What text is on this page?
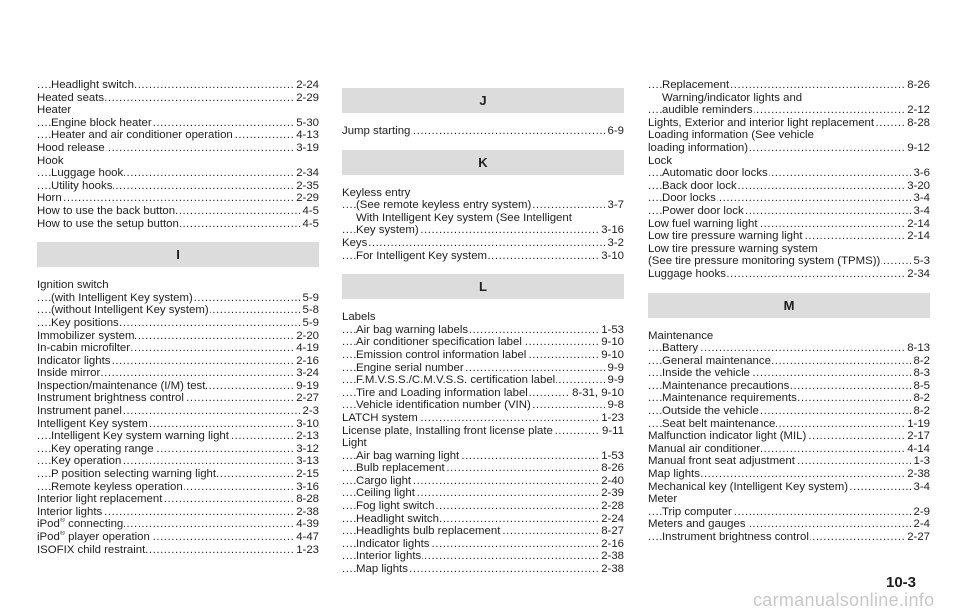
Headlight switch	2-24
. . .
Heated seats	2-29
. . .
Heater
Engine block heater	5-30
. . .
Heater and air conditioner operation	4-13
. . .
Hood release	3-19
. . .
Hook
Luggage hook	2-34
. . .
Utility hooks	2-35
. . .
Horn	2-29
. . .
How to use the back button	4-5
. . .
How to use the setup button	4-5
. . .
I
Ignition switch
(with Intelligent Key system)	5-9
. . .
(without Intelligent Key system)	5-8
. . .
Key positions	5-9
. . .
Immobilizer system	2-20
. . .
In-cabin microfilter	4-19
. . .
Indicator lights	2-16
. . .
Inside mirror	3-24
. . .
Inspection/maintenance (I/M) test	9-19
. . .
Instrument brightness control	2-27
. . .
Instrument panel	2-3
. . .
Intelligent Key system	3-10
. . .
Intelligent Key system warning light	2-13
. . .
Key operating range	3-12
. . .
Key operation	3-13
. . .
P position selecting warning light	2-15
. . .
Remote keyless operation	3-16
. . .
Interior light replacement	8-28
. . .
Interior lights	2-38
. . .
iPod® connecting	4-39
. . .
iPod® player operation	4-47
. . .
ISOFIX child restraint	1-23
. . .
J
Jump starting	6-9
. . .
K
Keyless entry
(See remote keyless entry system)	3-7
. . .
With Intelligent Key system (See Intelligent
Key system)	3-16
. . .
Keys	3-2
. . .
For Intelligent Key system	3-10
. . .
L
Labels
Air bag warning labels	1-53
. . .
Air conditioner specification label	9-10
. . .
Emission control information label	9-10
. . .
Engine serial number	9-9
. . .
F.M.V.S.S./C.M.V.S.S. certification label	9-9
. . .
Tire and Loading information label	8-31, 9-10
. . .
Vehicle identification number (VIN)	9-8
. . .
LATCH system	1-23
. . .
License plate, Installing front license plate	9-11
. . .
Light
Air bag warning light	1-53
. . .
Bulb replacement	8-26
. . .
Cargo light	2-40
. . .
Ceiling light	2-39
. . .
Fog light switch	2-28
. . .
Headlight switch	2-24
. . .
Headlights bulb replacement	8-27
. . .
Indicator lights	2-16
. . .
Interior lights	2-38
. . .
Map lights	2-38
. . .
Replacement	8-26
. . .
Warning/indicator lights and
audible reminders	2-12
. . .
Lights, Exterior and interior light replacement	8-28
. . .
Loading information (See vehicle
loading information)	9-12
. . .
Lock
Automatic door locks	3-6
. . .
Back door lock	3-20
. . .
Door locks	3-4
. . .
Power door lock	3-4
. . .
Low fuel warning light	2-14
. . .
Low tire pressure warning light	2-14
. . .
Low tire pressure warning system
(See tire pressure monitoring system (TPMS))	5-3
. . .
Luggage hooks	2-34
. . .
M
Maintenance
Battery	8-13
. . .
General maintenance	8-2
. . .
Inside the vehicle	8-3
. . .
Maintenance precautions	8-5
. . .
Maintenance requirements	8-2
. . .
Outside the vehicle	8-2
. . .
Seat belt maintenance	1-19
. . .
Malfunction indicator light (MIL)	2-17
. . .
Manual air conditioner	4-14
. . .
Manual front seat adjustment	1-3
. . .
Map lights	2-38
. . .
Mechanical key (Intelligent Key system)	3-4
. . .
Meter
Trip computer	2-9
. . .
Meters and gauges	2-4
. . .
Instrument brightness control	2-27
. . .
10-3
carmanualsonline.info
